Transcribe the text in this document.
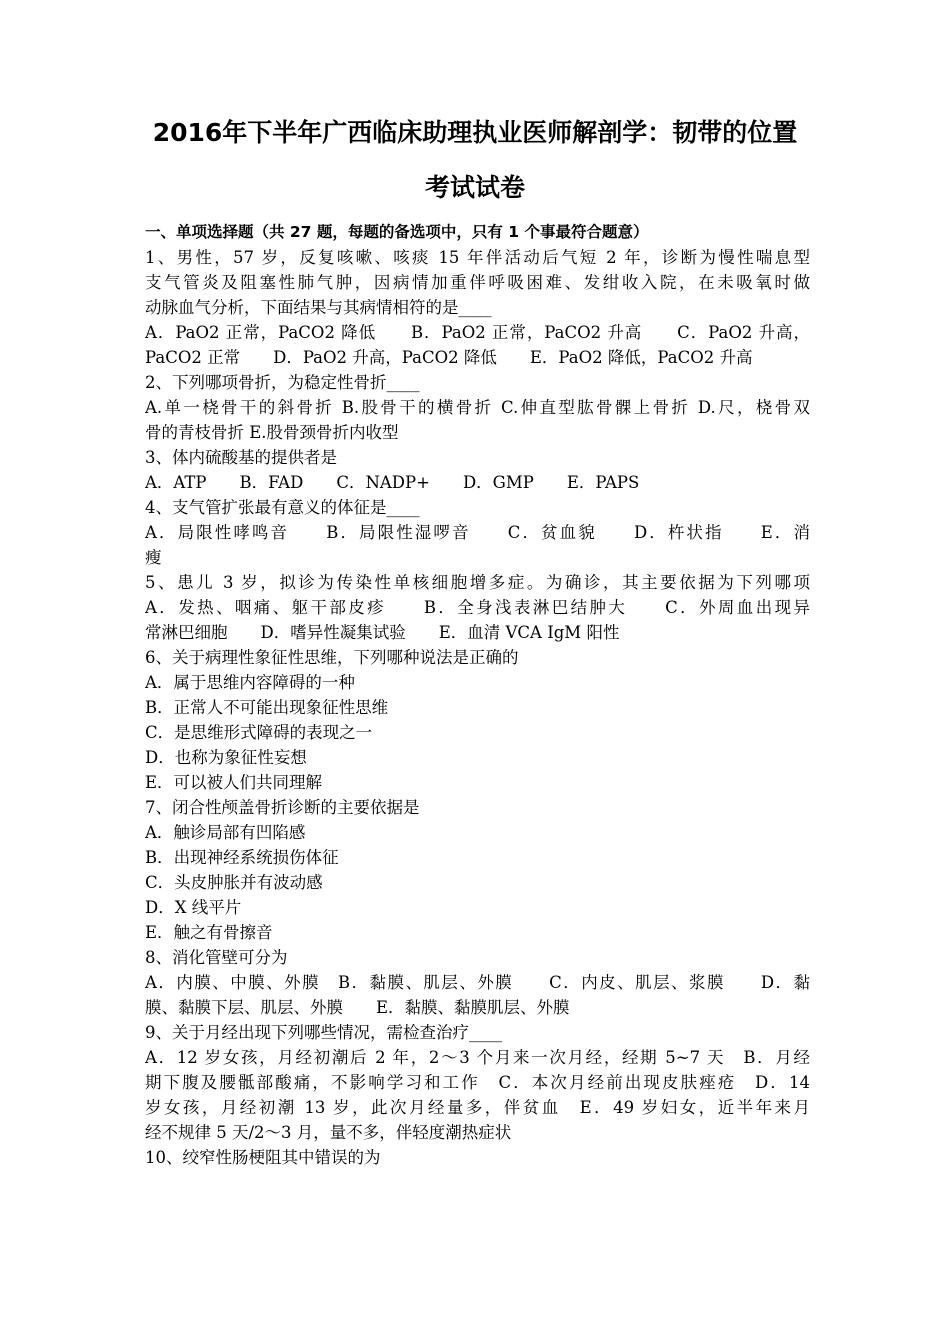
2016年下半年广西临床助理执业医师解剖学：韧带的位置
考试试卷
一、单项选择题（共 27 题，每题的备选项中，只有 1 个事最符合题意）
1、男性，57 岁，反复咳嗽、咳痰 15 年伴活动后气短 2 年，诊断为慢性喘息型
支气管炎及阻塞性肺气肿，因病情加重伴呼吸困难、发绀收入院，在未吸氧时做
动脉血气分析，下面结果与其病情相符的是____
A．PaO2 正常，PaCO2 降低　　B．PaO2 正常，PaCO2 升高　　C．PaO2 升高，
PaCO2 正常　　D．PaO2 升高，PaCO2 降低　　E．PaO2 降低，PaCO2 升高
2、下列哪项骨折，为稳定性骨折____
A.单一桡骨干的斜骨折 B.股骨干的横骨折 C.伸直型肱骨髁上骨折 D.尺，桡骨双
骨的青枝骨折 E.股骨颈骨折内收型
3、体内硫酸基的提供者是
A．ATP　　B．FAD　　C．NADP+　　D．GMP　　E．PAPS
4、支气管扩张最有意义的体征是____
A．局限性哮鸣音　　B．局限性湿啰音　　C．贫血貌　　D．杵状指　　E．消
瘦
5、患儿 3 岁，拟诊为传染性单核细胞增多症。为确诊，其主要依据为下列哪项
A．发热、咽痛、躯干部皮疹　　B．全身浅表淋巴结肿大　　C．外周血出现异
常淋巴细胞　　D．嗜异性凝集试验　　E．血清 VCA IgM 阳性
6、关于病理性象征性思维，下列哪种说法是正确的
A．属于思维内容障碍的一种
B．正常人不可能出现象征性思维
C．是思维形式障碍的表现之一
D．也称为象征性妄想
E．可以被人们共同理解
7、闭合性颅盖骨折诊断的主要依据是
A．触诊局部有凹陷感
B．出现神经系统损伤体征
C．头皮肿胀并有波动感
D．X 线平片
E．触之有骨擦音
8、消化管壁可分为
A．内膜、中膜、外膜　B．黏膜、肌层、外膜　　C．内皮、肌层、浆膜　　D．黏
膜、黏膜下层、肌层、外膜　　E．黏膜、黏膜肌层、外膜
9、关于月经出现下列哪些情况，需检查治疗____
A．12 岁女孩，月经初潮后 2 年，2～3 个月来一次月经，经期 5~7 天　B．月经
期下腹及腰骶部酸痛，不影响学习和工作　C．本次月经前出现皮肤痤疮　D．14
岁女孩，月经初潮 13 岁，此次月经量多，伴贫血　E．49 岁妇女，近半年来月
经不规律 5 天/2～3 月，量不多，伴轻度潮热症状
10、绞窄性肠梗阻其中错误的为
